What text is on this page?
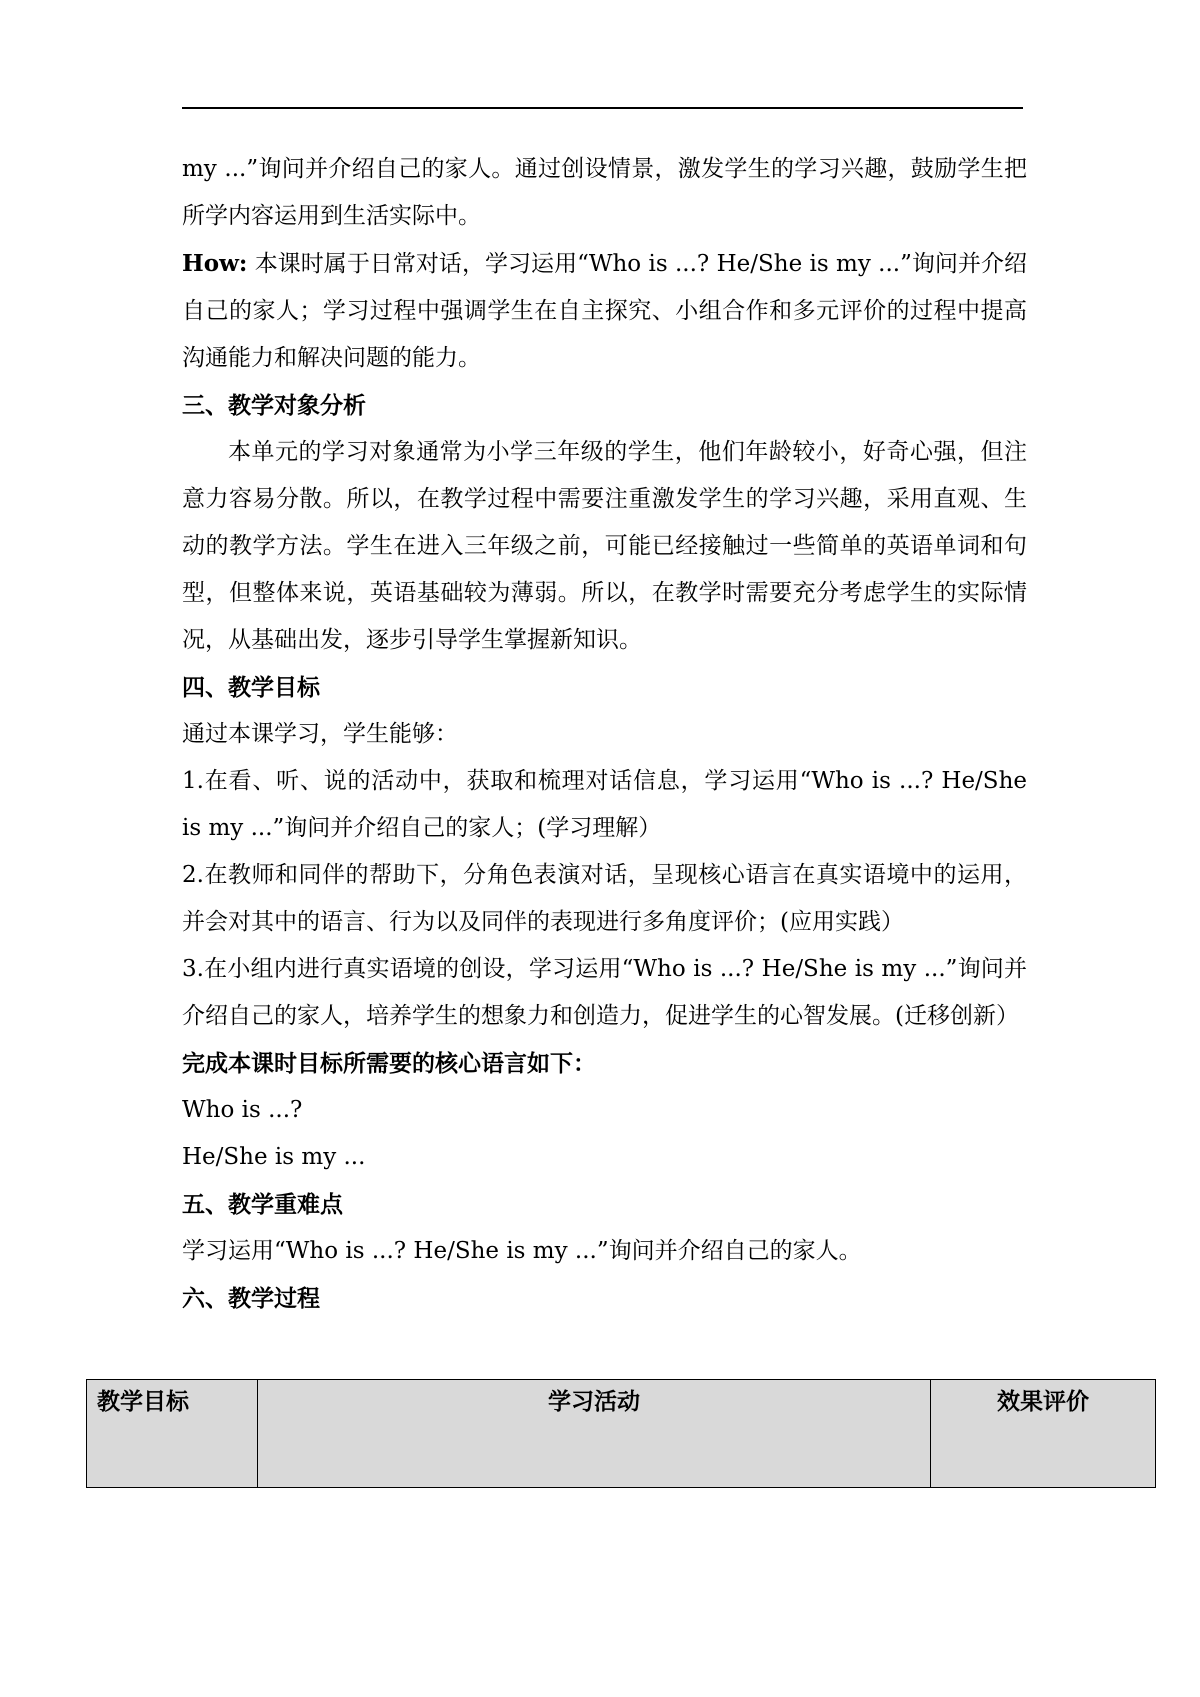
my ...”询问并介绍自己的家人。通过创设情景，激发学生的学习兴趣，鼓励学生把所学内容运用到生活实际中。

How: 本课时属于日常对话，学习运用“Who is ...? He/She is my ...”询问并介绍自己的家人；学习过程中强调学生在自主探究、小组合作和多元评价的过程中提高沟通能力和解决问题的能力。

三、教学对象分析

本单元的学习对象通常为小学三年级的学生，他们年龄较小，好奇心强，但注意力容易分散。所以，在教学过程中需要注重激发学生的学习兴趣，采用直观、生动的教学方法。学生在进入三年级之前，可能已经接触过一些简单的英语单词和句型，但整体来说，英语基础较为薄弱。所以，在教学时需要充分考虑学生的实际情况，从基础出发，逐步引导学生掌握新知识。

四、教学目标

通过本课学习，学生能够：

1.在看、听、说的活动中，获取和梳理对话信息，学习运用“Who is ...? He/She is my ...”询问并介绍自己的家人；(学习理解）

2.在教师和同伴的帮助下，分角色表演对话，呈现核心语言在真实语境中的运用，并会对其中的语言、行为以及同伴的表现进行多角度评价；(应用实践）

3.在小组内进行真实语境的创设，学习运用“Who is ...? He/She is my ...”询问并介绍自己的家人，培养学生的想象力和创造力，促进学生的心智发展。(迁移创新）

完成本课时目标所需要的核心语言如下：

Who is ...?

He/She is my ...

五、教学重难点

学习运用“Who is ...? He/She is my ...”询问并介绍自己的家人。

六、教学过程

教学目标	学习活动	效果评价
